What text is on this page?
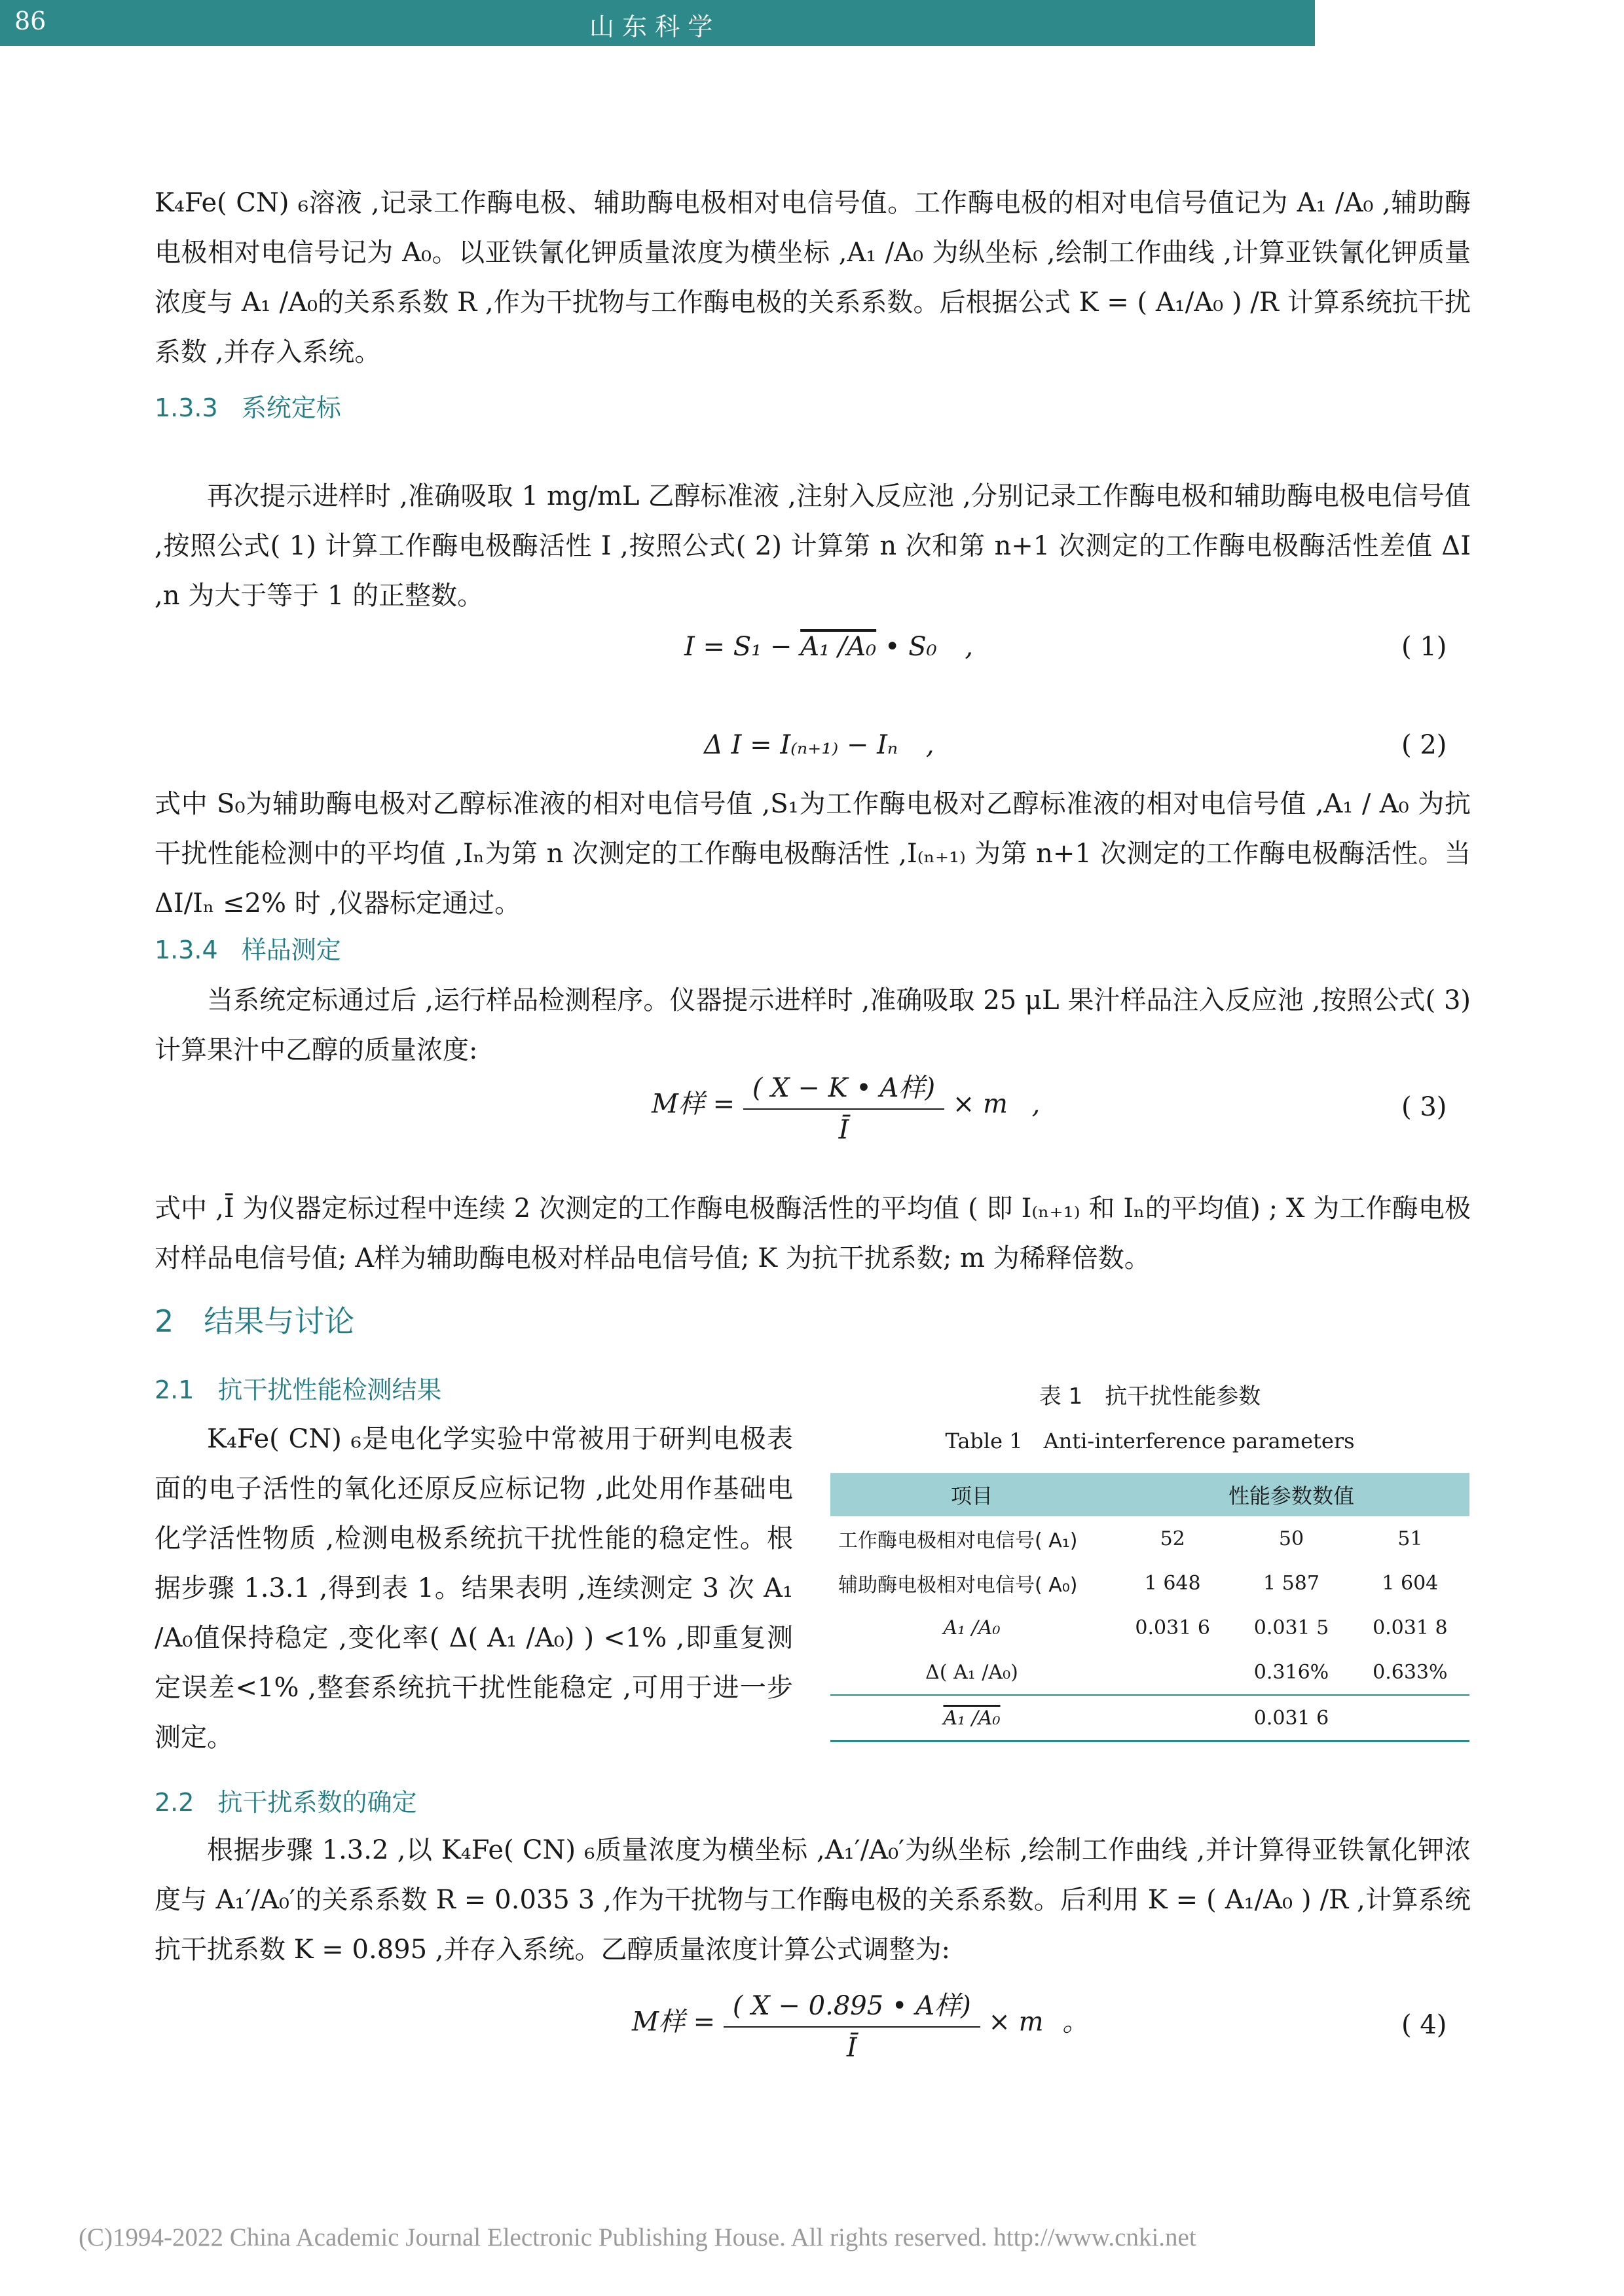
86	山 东 科 学	2022 年
K₄Fe( CN) ₆溶液 ,记录工作酶电极、辅助酶电极相对电信号值。工作酶电极的相对电信号值记为 A₁ /A₀ ,辅助酶电极相对电信号记为 A₀。以亚铁氰化钾质量浓度为横坐标 ,A₁ /A₀ 为纵坐标 ,绘制工作曲线 ,计算亚铁氰化钾质量浓度与 A₁ /A₀的关系系数 R ,作为干扰物与工作酶电极的关系系数。后根据公式 K = ( A₁/A₀ ) /R 计算系统抗干扰系数 ,并存入系统。
1.3.3 系统定标
再次提示进样时 ,准确吸取 1 mg/mL 乙醇标准液 ,注射入反应池 ,分别记录工作酶电极和辅助酶电极电信号值 ,按照公式( 1) 计算工作酶电极酶活性 I ,按照公式( 2) 计算第 n 次和第 n+1 次测定的工作酶电极酶活性差值 ΔI ,n 为大于等于 1 的正整数。
I = S₁ − A₁ /A₀ • S₀ ,	( 1)
Δ I = I₍ₙ₊₁₎ − Iₙ ,	( 2)
式中 S₀为辅助酶电极对乙醇标准液的相对电信号值 ,S₁为工作酶电极对乙醇标准液的相对电信号值 ,A₁ / A₀ 为抗干扰性能检测中的平均值 ,Iₙ为第 n 次测定的工作酶电极酶活性 ,I₍ₙ₊₁₎ 为第 n+1 次测定的工作酶电极酶活性。当 ΔI/Iₙ ≤2% 时 ,仪器标定通过。
1.3.4 样品测定
当系统定标通过后 ,运行样品检测程序。仪器提示进样时 ,准确吸取 25 μL 果汁样品注入反应池 ,按照公式( 3) 计算果汁中乙醇的质量浓度:
M样 = $\frac{\text{( X − K • A样)}}{Ī} \times m$ ,	( 3)
式中 ,Ī 为仪器定标过程中连续 2 次测定的工作酶电极酶活性的平均值 ( 即 I₍ₙ₊₁₎ 和 Iₙ的平均值) ; X 为工作酶电极对样品电信号值; A样为辅助酶电极对样品电信号值; K 为抗干扰系数; m 为稀释倍数。
2 结果与讨论
2.1 抗干扰性能检测结果
K₄Fe( CN) ₆是电化学实验中常被用于研判电极表面的电子活性的氧化还原反应标记物 ,此处用作基础电化学活性物质 ,检测电极系统抗干扰性能的稳定性。根据步骤 1.3.1 ,得到表 1。结果表明 ,连续测定 3 次 A₁ /A₀值保持稳定 ,变化率( Δ( A₁ /A₀) ) <1% ,即重复测定误差<1% ,整套系统抗干扰性能稳定 ,可用于进一步测定。
表 1　抗干扰性能参数
Table 1　Anti-interference parameters
项目	性能参数数值		
工作酶电极相对电信号( A₁)	52	50	51
辅助酶电极相对电信号( A₀)	1 648	1 587	1 604
A₁ /A₀	0.031 6	0.031 5	0.031 8
Δ( A₁ /A₀)		0.316%	0.633%
A₁ /A₀		0.031 6	
2.2 抗干扰系数的确定
根据步骤 1.3.2 ,以 K₄Fe( CN) ₆质量浓度为横坐标 ,A₁′/A₀′为纵坐标 ,绘制工作曲线 ,并计算得亚铁氰化钾浓度与 A₁′/A₀′的关系系数 R = 0.035 3 ,作为干扰物与工作酶电极的关系系数。后利用 K = ( A₁/A₀ ) /R ,计算系统抗干扰系数 K = 0.895 ,并存入系统。乙醇质量浓度计算公式调整为:
M样 = $\frac{\text{( X − 0.895 • A样)}}{Ī} \times m$ 。	( 4)
(C)1994-2022 China Academic Journal Electronic Publishing House. All rights reserved. http://www.cnki.net
